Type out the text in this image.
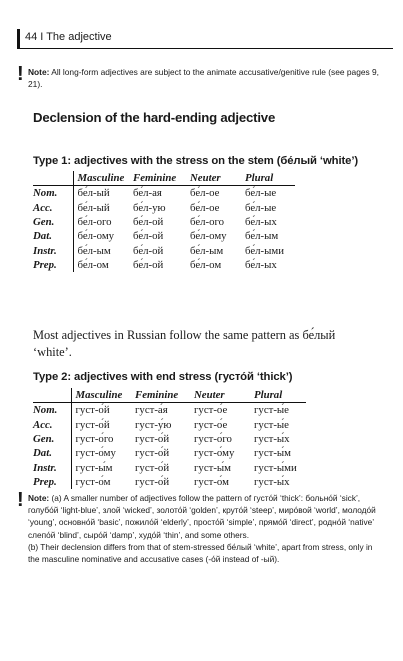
44 I The adjective
! Note: All long-form adjectives are subject to the animate accusative/genitive rule (see pages 9, 21).
Declension of the hard-ending adjective
Type 1: adjectives with the stress on the stem (бе́лый ‘white’)
	Masculine	Feminine	Neuter	Plural
Nom.	бе́л-ый	бе́л-ая	бе́л-ое	бе́л-ые
Acc.	бе́л-ый	бе́л-ую	бе́л-ое	бе́л-ые
Gen.	бе́л-ого	бе́л-ой	бе́л-ого	бе́л-ых
Dat.	бе́л-ому	бе́л-ой	бе́л-ому	бе́л-ым
Instr.	бе́л-ым	бе́л-ой	бе́л-ым	бе́л-ыми
Prep.	бе́л-ом	бе́л-ой	бе́л-ом	бе́л-ых
Most adjectives in Russian follow the same pattern as бе́лый ‘white’.
Type 2: adjectives with end stress (густо́й ‘thick’)
	Masculine	Feminine	Neuter	Plural
Nom.	густ-о́й	густ-а́я	густ-о́е	густ-ы́е
Acc.	густ-о́й	густ-у́ю	густ-о́е	густ-ы́е
Gen.	густ-о́го	густ-о́й	густ-о́го	густ-ы́х
Dat.	густ-о́му	густ-о́й	густ-о́му	густ-ы́м
Instr.	густ-ы́м	густ-о́й	густ-ы́м	густ-ы́ми
Prep.	густ-о́м	густ-о́й	густ-о́м	густ-ы́х
! Note: (a) A smaller number of adjectives follow the pattern of густо́й ‘thick’: больно́й ‘sick’, голубо́й ‘light-blue’, злой ‘wicked’, золото́й ‘golden’, круто́й ‘steep’, миро́вой ‘world’, молодо́й ‘young’, основно́й ‘basic’, пожило́й ‘elderly’, просто́й ‘simple’, прямо́й ‘direct’, родно́й ‘native’ слепо́й ‘blind’, сыро́й ‘damp’, худо́й ‘thin’, and some others.

(b) Their declension differs from that of stem-stressed бе́лый ‘white’, apart from stress, only in the masculine nominative and accusative cases (-о́й instead of -ый).
